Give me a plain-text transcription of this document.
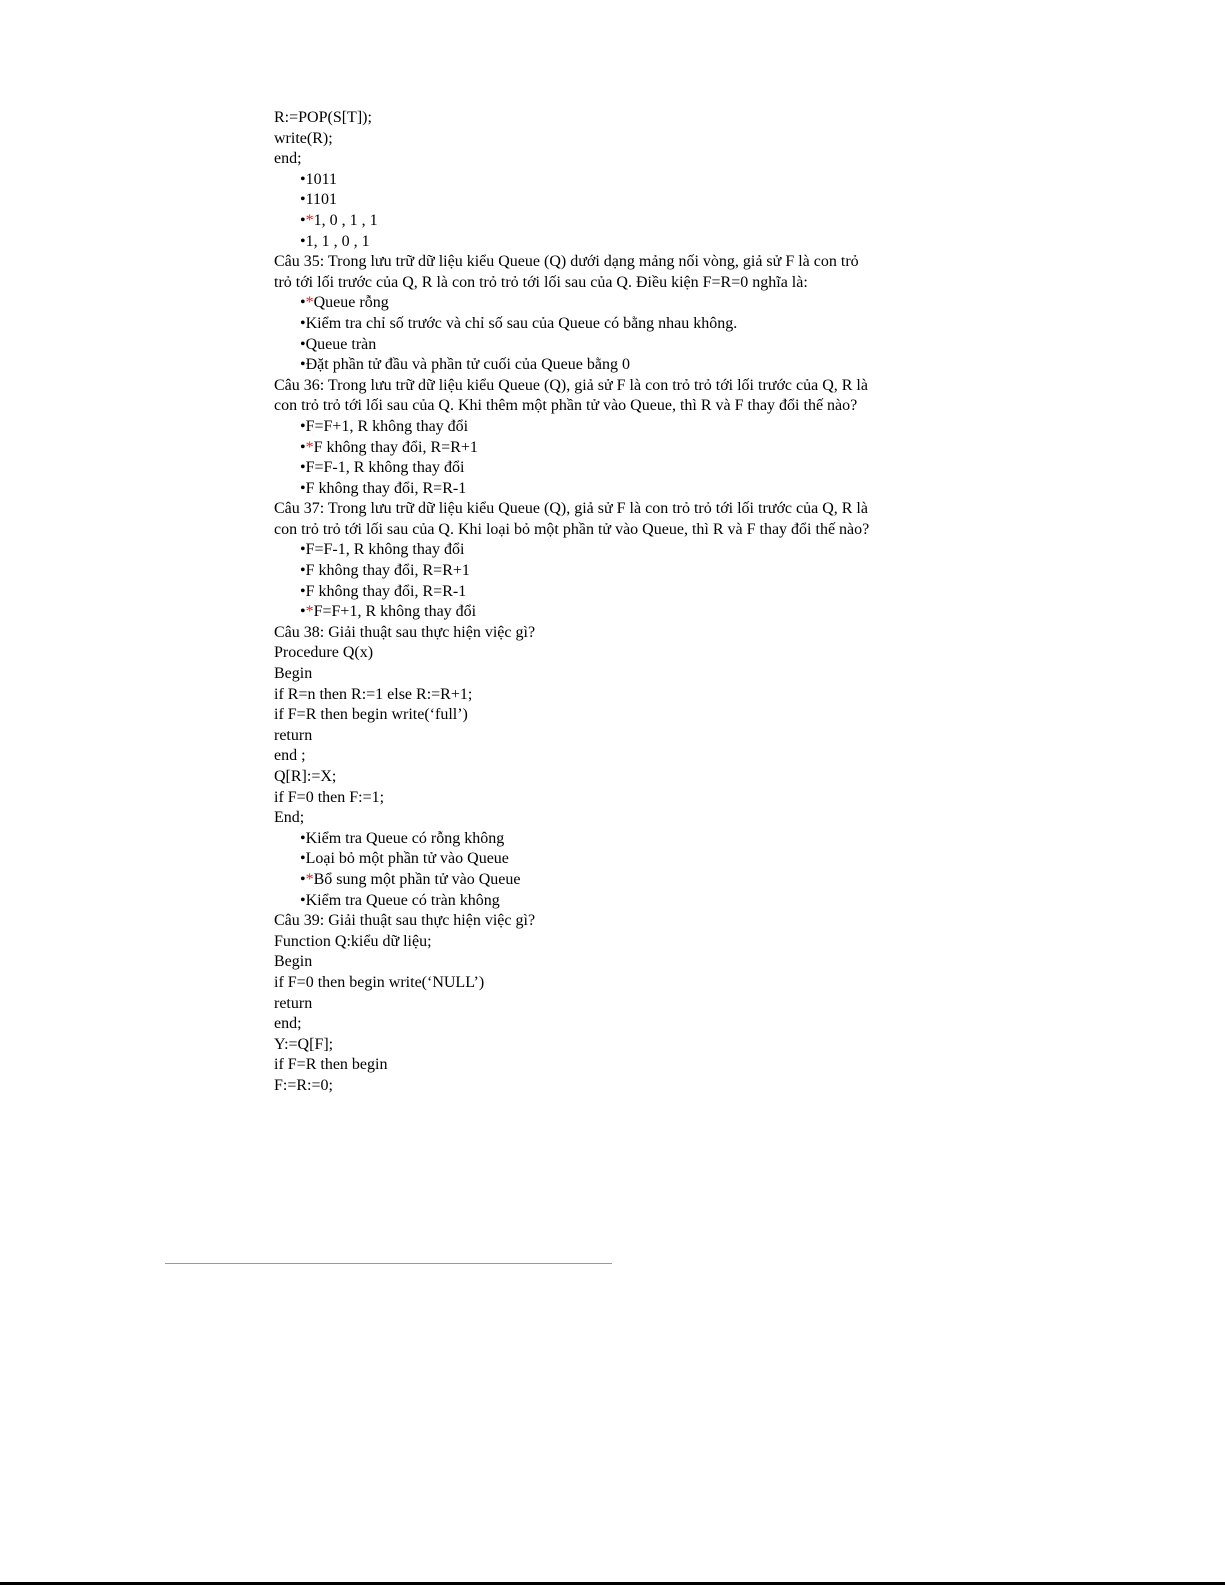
R:=POP(S[T]);
write(R);
end;
•1011
•1101
•*1, 0 , 1 , 1
•1, 1 , 0 , 1
Câu 35: Trong lưu trữ dữ liệu kiểu Queue (Q) dưới dạng mảng nối vòng, giả sử F là con trỏ
trỏ tới lối trước của Q, R là con trỏ trỏ tới lối sau của Q. Điều kiện F=R=0 nghĩa là:
•*Queue rỗng
•Kiểm tra chỉ số trước và chỉ số sau của Queue có bằng nhau không.
•Queue tràn
•Đặt phần tử đầu và phần tử cuối của Queue bằng 0
Câu 36: Trong lưu trữ dữ liệu kiểu Queue (Q), giả sử F là con trỏ trỏ tới lối trước của Q, R là
con trỏ trỏ tới lối sau của Q. Khi thêm một phần tử vào Queue, thì R và F thay đổi thế nào?
•F=F+1, R không thay đổi
•*F không thay đổi, R=R+1
•F=F-1, R không thay đổi
•F không thay đổi, R=R-1
Câu 37: Trong lưu trữ dữ liệu kiểu Queue (Q), giả sử F là con trỏ trỏ tới lối trước của Q, R là
con trỏ trỏ tới lối sau của Q. Khi loại bỏ một phần tử vào Queue, thì R và F thay đổi thế nào?
•F=F-1, R không thay đổi
•F không thay đổi, R=R+1
•F không thay đổi, R=R-1
•*F=F+1, R không thay đổi
Câu 38: Giải thuật sau thực hiện việc gì?
Procedure Q(x)
Begin
if R=n then R:=1 else R:=R+1;
if F=R then begin write(‘full’)
return
end ;
Q[R]:=X;
if F=0 then F:=1;
End;
•Kiểm tra Queue có rỗng không
•Loại bỏ một phần tử vào Queue
•*Bổ sung một phần tử vào Queue
•Kiểm tra Queue có tràn không
Câu 39: Giải thuật sau thực hiện việc gì?
Function Q:kiểu dữ liệu;
Begin
if F=0 then begin write(‘NULL’)
return
end;
Y:=Q[F];
if F=R then begin
F:=R:=0;
